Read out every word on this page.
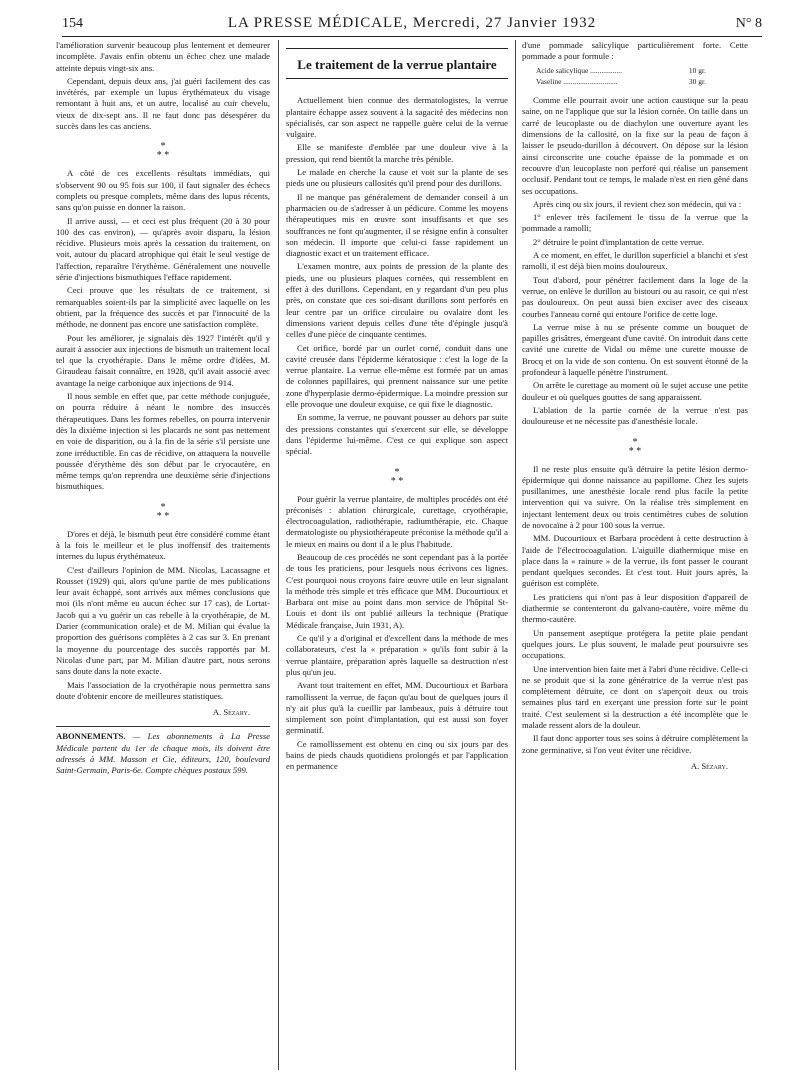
154	LA PRESSE MÉDICALE, Mercredi, 27 Janvier 1932	N° 8

l'amélioration survenir beaucoup plus lentement et demeurer incomplète. J'avais enfin obtenu un échec chez une malade atteinte depuis vingt-six ans.

Cependant, depuis deux ans, j'ai guéri facilement des cas invétérés, par exemple un lupus érythémateux du visage remontant à huit ans, et un autre, localisé au cuir chevelu, vieux de dix-sept ans. Il ne faut donc pas désespérer du succès dans les cas anciens.

*
* *

A côté de ces excellents résultats immédiats, qui s'observent 90 ou 95 fois sur 100, il faut signaler des échecs complets ou presque complets, même dans des lupus récents, sans qu'on puisse en donner la raison.

Il arrive aussi, — et ceci est plus fréquent (20 à 30 pour 100 des cas environ), — qu'après avoir disparu, la lésion récidive. Plusieurs mois après la cessation du traitement, on voit, autour du placard atrophique qui était le seul vestige de l'affection, reparaître l'érythème. Généralement une nouvelle série d'injections bismuthiques l'efface rapidement.

Ceci prouve que les résultats de ce traitement, si remarquables soient-ils par la simplicité avec laquelle on les obtient, par la fréquence des succès et par l'innocuité de la méthode, ne donnent pas encore une satisfaction complète.

Pour les améliorer, je signalais dès 1927 l'intérêt qu'il y aurait à associer aux injections de bismuth un traitement local tel que la cryothérapie. Dans le même ordre d'idées, M. Giraudeau faisait connaître, en 1928, qu'il avait associé avec avantage la neige carbonique aux injections de 914.

Il nous semble en effet que, par cette méthode conjuguée, on pourra réduire à néant le nombre des insuccès thérapeutiques. Dans les formes rebelles, on pourra intervenir dès la dixième injection si les placards ne sont pas nettement en voie de disparition, ou à la fin de la série s'il persiste une zone irréductible. En cas de récidive, on attaquera la nouvelle poussée d'érythème dès son début par le cryocautère, en même temps qu'on reprendra une deuxième série d'injections bismuthiques.

*
* *

D'ores et déjà, le bismuth peut être considéré comme étant à la fois le meilleur et le plus inoffensif des traitements internes du lupus érythémateux.

C'est d'ailleurs l'opinion de MM. Nicolas, Lacassagne et Rousset (1929) qui, alors qu'une partie de mes publications leur avait échappé, sont arrivés aux mêmes conclusions que moi (ils n'ont même eu aucun échec sur 17 cas), de Lortat-Jacob qui a vu guérir un cas rebelle à la cryothérapie, de M. Darier (communication orale) et de M. Milian qui évalue la proportion des guérisons complètes à 2 cas sur 3. En prenant la moyenne du pourcentage des succès rapportés par M. Nicolas d'une part, par M. Milian d'autre part, nous serons sans doute dans la note exacte.

Mais l'association de la cryothérapie nous permettra sans doute d'obtenir encore de meilleures statistiques.

A. Sézary.

ABONNEMENTS. — Les abonnements à La Presse Médicale partent du 1er de chaque mois, ils doivent être adressés à MM. Masson et Cie, éditeurs, 120, boulevard Saint-Germain, Paris-6e. Compte chèques postaux 599.

Le traitement de la verrue plantaire

Actuellement bien connue des dermatologistes, la verrue plantaire échappe assez souvent à la sagacité des médecins non spécialisés, car son aspect ne rappelle guère celui de la verrue vulgaire.

Elle se manifeste d'emblée par une douleur vive à la pression, qui rend bientôt la marche très pénible.

Le malade en cherche la cause et voit sur la plante de ses pieds une ou plusieurs callosités qu'il prend pour des durillons.

Il ne manque pas généralement de demander conseil à un pharmacien ou de s'adresser à un pédicure. Comme les moyens thérapeutiques mis en œuvre sont insuffisants et que ses souffrances ne font qu'augmenter, il se résigne enfin à consulter son médecin. Il importe que celui-ci fasse rapidement un diagnostic exact et un traitement efficace.

L'examen montre, aux points de pression de la plante des pieds, une ou plusieurs plaques cornées, qui ressemblent en effet à des durillons. Cependant, en y regardant d'un peu plus près, on constate que ces soi-disant durillons sont perforés en leur centre par un orifice circulaire ou ovalaire dont les dimensions varient depuis celles d'une tête d'épingle jusqu'à celles d'une pièce de cinquante centimes.

Cet orifice, bordé par un ourlet corné, conduit dans une cavité creusée dans l'épiderme kératosique : c'est la loge de la verrue plantaire. La verrue elle-même est formée par un amas de colonnes papillaires, qui prennent naissance sur une petite zone d'hyperplasie dermo-épidermique. La moindre pression sur elle provoque une douleur exquise, ce qui fixe le diagnostic.

En somme, la verrue, ne pouvant pousser au dehors par suite des pressions constantes qui s'exercent sur elle, se développe dans l'épiderme lui-même. C'est ce qui explique son aspect spécial.

*
* *

Pour guérir la verrue plantaire, de multiples procédés ont été préconisés : ablation chirurgicale, curettage, cryothérapie, électrocoagulation, radiothérapie, radiumthérapie, etc. Chaque dermatologiste ou physiothérapeute préconise la méthode qu'il a le mieux en mains ou dont il a le plus l'habitude.

Beaucoup de ces procédés ne sont cependant pas à la portée de tous les praticiens, pour lesquels nous écrivons ces lignes. C'est pourquoi nous croyons faire œuvre utile en leur signalant la méthode très simple et très efficace que MM. Ducourtioux et Barbara ont mise au point dans mon service de l'hôpital St-Louis et dont ils ont publié ailleurs la technique (Pratique Médicale française, Juin 1931, A).

Ce qu'il y a d'original et d'excellent dans la méthode de mes collaborateurs, c'est la « préparation » qu'ils font subir à la verrue plantaire, préparation après laquelle sa destruction n'est plus qu'un jeu.

Avant tout traitement en effet, MM. Ducourtioux et Barbara ramollissent la verrue, de façon qu'au bout de quelques jours il n'y ait plus qu'à la cueillir par lambeaux, puis à détruire tout simplement son point d'implantation, qui est aussi son foyer germinatif.

Ce ramollissement est obtenu en cinq ou six jours par des bains de pieds chauds quotidiens prolongés et par l'application en permanence

d'une pommade salicylique particulièrement forte. Cette pommade a pour formule :

Acide salicylique .................	10 gr.
Vaseline .............................	30 gr.

Comme elle pourrait avoir une action caustique sur la peau saine, on ne l'applique que sur la lésion cornée. On taille dans un carré de leucoplaste ou de diachylon une ouverture ayant les dimensions de la callosité, on la fixe sur la peau de façon à laisser le pseudo-durillon à découvert. On dépose sur la lésion ainsi circonscrite une couche épaisse de la pommade et on recouvre d'un leucoplaste non perforé qui réalise un pansement occlusif. Pendant tout ce temps, le malade n'est en rien gêné dans ses occupations.

Après cinq ou six jours, il revient chez son médecin, qui va :

1° enlever très facilement le tissu de la verrue que la pommade a ramolli;

2° détruire le point d'implantation de cette verrue.

A ce moment, en effet, le durillon superficiel a blanchi et s'est ramolli, il est déjà bien moins douloureux.

Tout d'abord, pour pénétrer facilement dans la loge de la verrue, on enlève le durillon au bistouri ou au rasoir, ce qui n'est pas douloureux. On peut aussi bien exciser avec des ciseaux courbes l'anneau corné qui entoure l'orifice de cette loge.

La verrue mise à nu se présente comme un bouquet de papilles grisâtres, émergeant d'une cavité. On introduit dans cette cavité une curette de Vidal ou même une curette mousse de Brocq et on la vide de son contenu. On est souvent étonné de la profondeur à laquelle pénètre l'instrument.

On arrête le curettage au moment où le sujet accuse une petite douleur et où quelques gouttes de sang apparaissent.

L'ablation de la partie cornée de la verrue n'est pas douloureuse et ne nécessite pas d'anesthésie locale.

*
* *

Il ne reste plus ensuite qu'à détruire la petite lésion dermo-épidermique qui donne naissance au papillome. Chez les sujets pusillanimes, une anesthésie locale rend plus facile la petite intervention qui va suivre. On la réalise très simplement en injectant lentement deux ou trois centimètres cubes de solution de novocaïne à 2 pour 100 sous la verrue.

MM. Ducourtioux et Barbara procèdent à cette destruction à l'aide de l'électrocoagulation. L'aiguille diathermique mise en place dans la « rainure » de la verrue, ils font passer le courant pendant quelques secondes. Et c'est tout. Huit jours après, la guérison est complète.

Les praticiens qui n'ont pas à leur disposition d'appareil de diathermie se contenteront du galvano-cautère, voire même du thermo-cautère.

Un pansement aseptique protégera la petite plaie pendant quelques jours. Le plus souvent, le malade peut poursuivre ses occupations.

Une intervention bien faite met à l'abri d'une récidive. Celle-ci ne se produit que si la zone génératrice de la verrue n'est pas complètement détruite, ce dont on s'aperçoit deux ou trois semaines plus tard en exerçant une pression forte sur le point traité. C'est seulement si la destruction a été incomplète que le malade ressent alors de la douleur.

Il faut donc apporter tous ses soins à détruire complètement la zone germinative, si l'on veut éviter une récidive.

A. Sézary.
